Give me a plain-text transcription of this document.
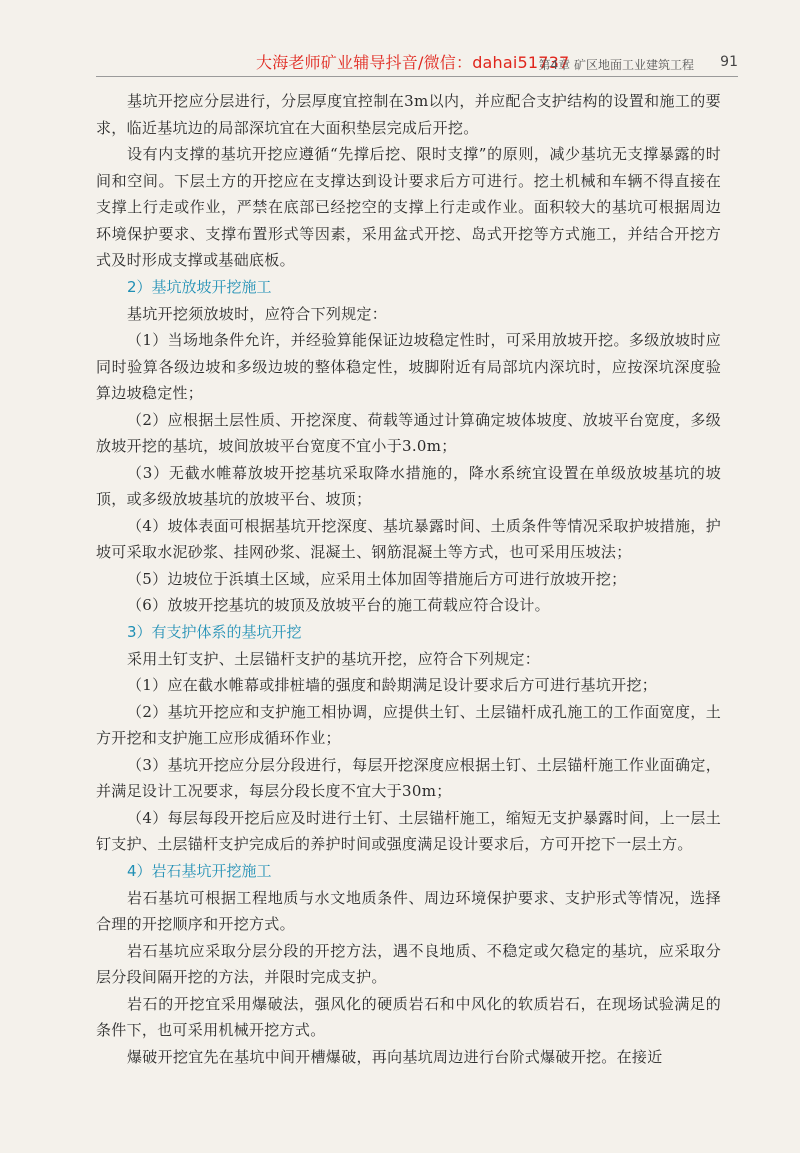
大海老师矿业辅导抖音/微信：dahai51737
第4章 矿区地面工业建筑工程 91

基坑开挖应分层进行，分层厚度宜控制在3m以内，并应配合支护结构的设置和施工的要求，临近基坑边的局部深坑宜在大面积垫层完成后开挖。

设有内支撑的基坑开挖应遵循“先撑后挖、限时支撑”的原则，减少基坑无支撑暴露的时间和空间。下层土方的开挖应在支撑达到设计要求后方可进行。挖土机械和车辆不得直接在支撑上行走或作业，严禁在底部已经挖空的支撑上行走或作业。面积较大的基坑可根据周边环境保护要求、支撑布置形式等因素，采用盆式开挖、岛式开挖等方式施工，并结合开挖方式及时形成支撑或基础底板。

2）基坑放坡开挖施工

基坑开挖须放坡时，应符合下列规定：

（1）当场地条件允许，并经验算能保证边坡稳定性时，可采用放坡开挖。多级放坡时应同时验算各级边坡和多级边坡的整体稳定性，坡脚附近有局部坑内深坑时，应按深坑深度验算边坡稳定性；

（2）应根据土层性质、开挖深度、荷载等通过计算确定坡体坡度、放坡平台宽度，多级放坡开挖的基坑，坡间放坡平台宽度不宜小于3.0m；

（3）无截水帷幕放坡开挖基坑采取降水措施的，降水系统宜设置在单级放坡基坑的坡顶，或多级放坡基坑的放坡平台、坡顶；

（4）坡体表面可根据基坑开挖深度、基坑暴露时间、土质条件等情况采取护坡措施，护坡可采取水泥砂浆、挂网砂浆、混凝土、钢筋混凝土等方式，也可采用压坡法；

（5）边坡位于浜填土区域，应采用土体加固等措施后方可进行放坡开挖；

（6）放坡开挖基坑的坡顶及放坡平台的施工荷载应符合设计。

3）有支护体系的基坑开挖

采用土钉支护、土层锚杆支护的基坑开挖，应符合下列规定：

（1）应在截水帷幕或排桩墙的强度和龄期满足设计要求后方可进行基坑开挖；

（2）基坑开挖应和支护施工相协调，应提供土钉、土层锚杆成孔施工的工作面宽度，土方开挖和支护施工应形成循环作业；

（3）基坑开挖应分层分段进行，每层开挖深度应根据土钉、土层锚杆施工作业面确定，并满足设计工况要求，每层分段长度不宜大于30m；

（4）每层每段开挖后应及时进行土钉、土层锚杆施工，缩短无支护暴露时间，上一层土钉支护、土层锚杆支护完成后的养护时间或强度满足设计要求后，方可开挖下一层土方。

4）岩石基坑开挖施工

岩石基坑可根据工程地质与水文地质条件、周边环境保护要求、支护形式等情况，选择合理的开挖顺序和开挖方式。

岩石基坑应采取分层分段的开挖方法，遇不良地质、不稳定或欠稳定的基坑，应采取分层分段间隔开挖的方法，并限时完成支护。

岩石的开挖宜采用爆破法，强风化的硬质岩石和中风化的软质岩石，在现场试验满足的条件下，也可采用机械开挖方式。

爆破开挖宜先在基坑中间开槽爆破，再向基坑周边进行台阶式爆破开挖。在接近
